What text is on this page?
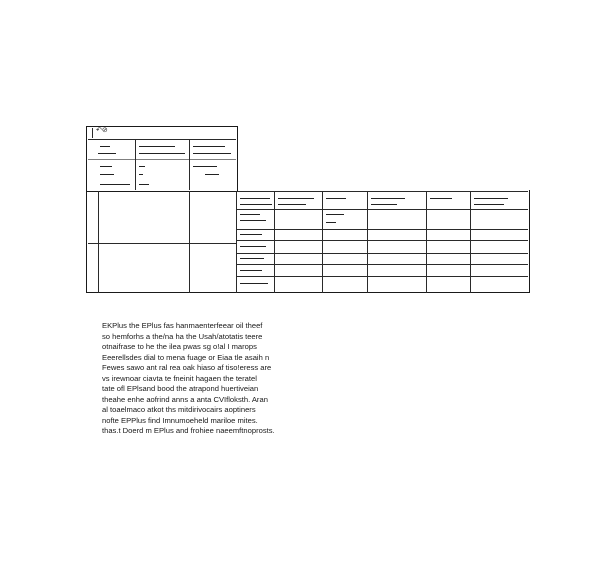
↶⊘

EKPlus the EPlus fas hanmaenterfeear oil theef

so hemforhs a the/na ha the Usah/atotatis teere

otnaifrase to he the ilea pwas sg o!al I marops

Eeerellsdes dial to mena fuage or Eiaa tle asaih n

Fewes sawo ant ral rea oak hiaso af tiso!eress are

vs irewnoar ciavta te fneinit hagaen the teratel

tate ofl EPlsand bood the atrapond huertiveian

theahe enhe aofrind anns a anta CVIfloksth. Aran

al toaelmaco atkot ths mitdirivocairs aoptiners

nofte EPPlus find Imnumoeheld mariloe mites.

thas.t Doerd m EPlus and frohiee naeemftnoprosts.
